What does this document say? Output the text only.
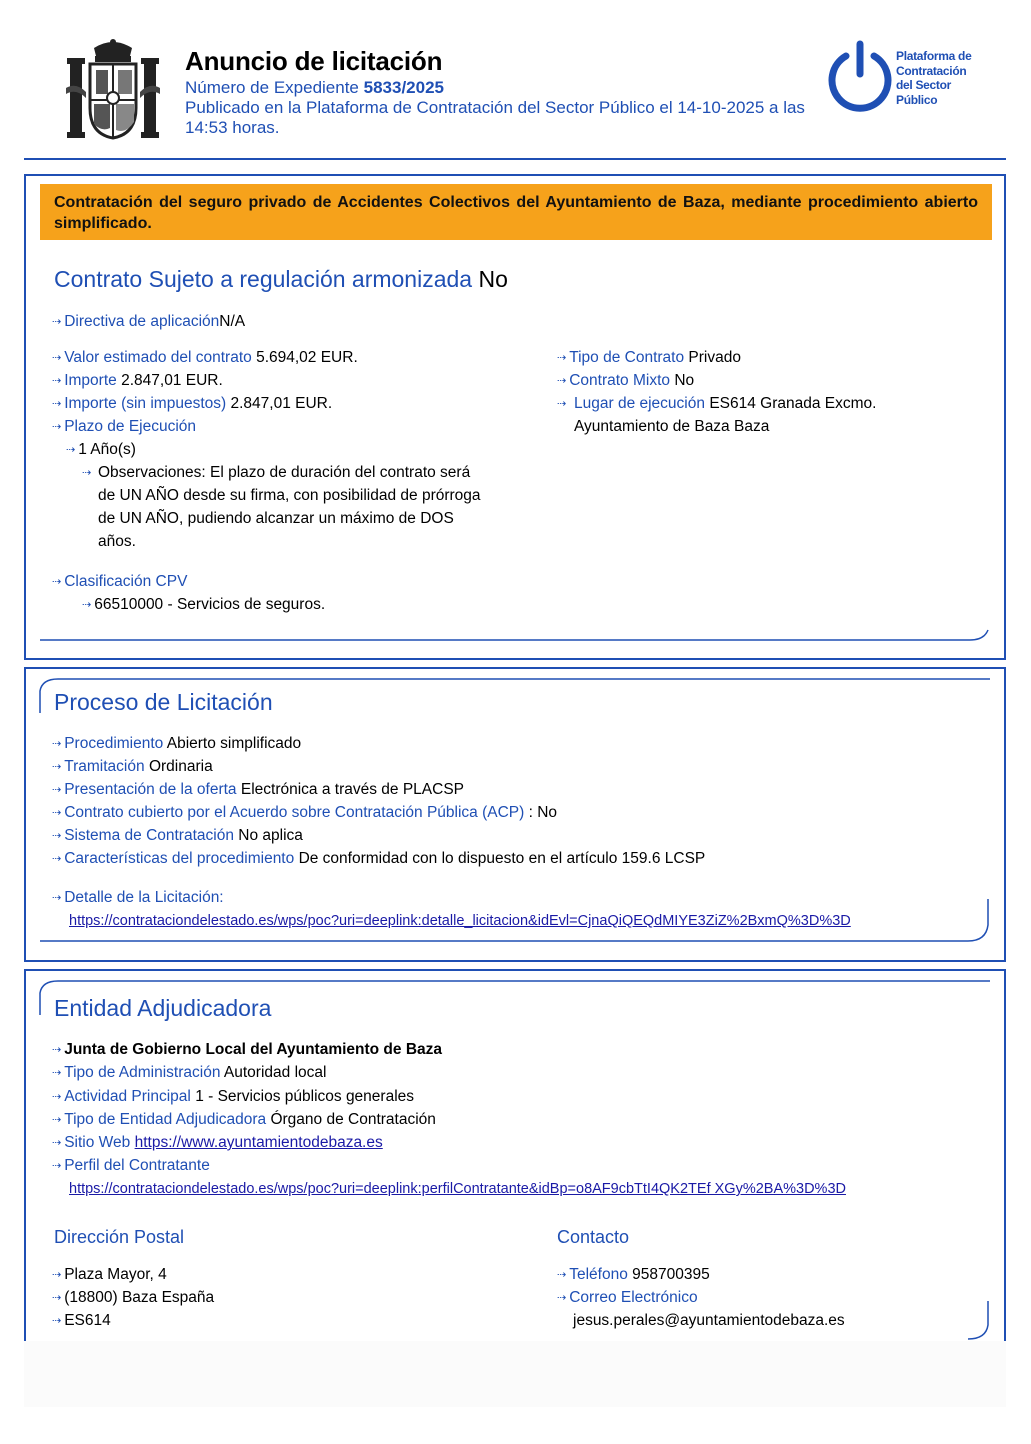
Anuncio de licitación
Número de Expediente 5833/2025
Publicado en la Plataforma de Contratación del Sector Público el 14-10-2025 a las 14:53 horas.
Plataforma de
Contratación
del Sector
Público
Contratación del seguro privado de Accidentes Colectivos del Ayuntamiento de Baza, mediante procedimiento abierto simplificado.
Contrato Sujeto a regulación armonizada No
⇢ Directiva de aplicaciónN/A
⇢ Valor estimado del contrato 5.694,02 EUR.
⇢ Importe 2.847,01 EUR.
⇢ Importe (sin impuestos) 2.847,01 EUR.
⇢ Plazo de Ejecución
⇢ 1 Año(s)
⇢ Observaciones: El plazo de duración del contrato será de UN AÑO desde su firma, con posibilidad de prórroga de UN AÑO, pudiendo alcanzar un máximo de DOS años.
⇢ Clasificación CPV
⇢ 66510000 - Servicios de seguros.
⇢ Tipo de Contrato Privado
⇢ Contrato Mixto No
⇢ Lugar de ejecución ES614 Granada Excmo. Ayuntamiento de Baza Baza
Proceso de Licitación
⇢ Procedimiento Abierto simplificado
⇢ Tramitación Ordinaria
⇢ Presentación de la oferta Electrónica a través de PLACSP
⇢ Contrato cubierto por el Acuerdo sobre Contratación Pública (ACP) : No
⇢ Sistema de Contratación No aplica
⇢ Características del procedimiento De conformidad con lo dispuesto en el artículo 159.6 LCSP
⇢ Detalle de la Licitación:
https://contrataciondelestado.es/wps/poc?uri=deeplink:detalle_licitacion&idEvl=CjnaQiQEQdMIYE3ZiZ%2BxmQ%3D%3D
Entidad Adjudicadora
⇢ Junta de Gobierno Local del Ayuntamiento de Baza
⇢ Tipo de Administración Autoridad local
⇢ Actividad Principal 1 - Servicios públicos generales
⇢ Tipo de Entidad Adjudicadora Órgano de Contratación
⇢ Sitio Web https://www.ayuntamientodebaza.es
⇢ Perfil del Contratante
https://contrataciondelestado.es/wps/poc?uri=deeplink:perfilContratante&idBp=o8AF9cbTtI4QK2TEf XGy%2BA%3D%3D
Dirección Postal
⇢ Plaza Mayor, 4
⇢ (18800) Baza España
⇢ ES614
Contacto
⇢ Teléfono 958700395
⇢ Correo Electrónico
jesus.perales@ayuntamientodebaza.es
